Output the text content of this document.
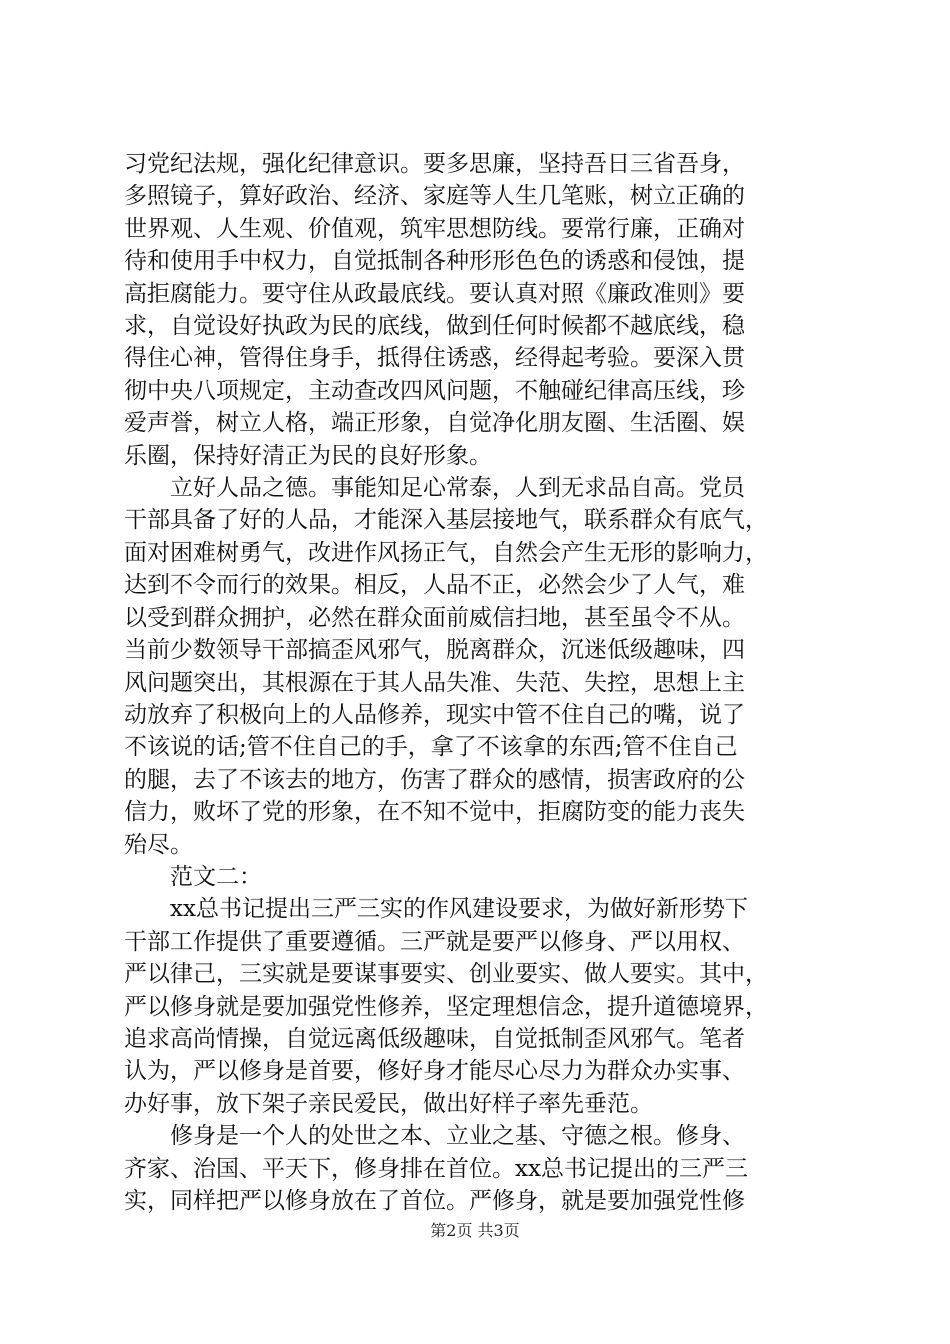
习党纪法规，强化纪律意识。要多思廉，坚持吾日三省吾身，

多照镜子，算好政治、经济、家庭等人生几笔账，树立正确的

世界观、人生观、价值观，筑牢思想防线。要常行廉，正确对

待和使用手中权力，自觉抵制各种形形色色的诱惑和侵蚀，提

高拒腐能力。要守住从政最底线。要认真对照《廉政准则》要

求，自觉设好执政为民的底线，做到任何时候都不越底线，稳

得住心神，管得住身手，抵得住诱惑，经得起考验。要深入贯

彻中央八项规定，主动查改四风问题，不触碰纪律高压线，珍

爱声誉，树立人格，端正形象，自觉净化朋友圈、生活圈、娱

乐圈，保持好清正为民的良好形象。

立好人品之德。事能知足心常泰，人到无求品自高。党员

干部具备了好的人品，才能深入基层接地气，联系群众有底气，

面对困难树勇气，改进作风扬正气，自然会产生无形的影响力，

达到不令而行的效果。相反，人品不正，必然会少了人气，难

以受到群众拥护，必然在群众面前威信扫地，甚至虽令不从。

当前少数领导干部搞歪风邪气，脱离群众，沉迷低级趣味，四

风问题突出，其根源在于其人品失准、失范、失控，思想上主

动放弃了积极向上的人品修养，现实中管不住自己的嘴，说了

不该说的话;管不住自己的手，拿了不该拿的东西;管不住自己

的腿，去了不该去的地方，伤害了群众的感情，损害政府的公

信力，败坏了党的形象，在不知不觉中，拒腐防变的能力丧失

殆尽。

范文二：

xx总书记提出三严三实的作风建设要求，为做好新形势下

干部工作提供了重要遵循。三严就是要严以修身、严以用权、

严以律己，三实就是要谋事要实、创业要实、做人要实。其中，

严以修身就是要加强党性修养，坚定理想信念，提升道德境界，

追求高尚情操，自觉远离低级趣味，自觉抵制歪风邪气。笔者

认为，严以修身是首要，修好身才能尽心尽力为群众办实事、

办好事，放下架子亲民爱民，做出好样子率先垂范。

修身是一个人的处世之本、立业之基、守德之根。修身、

齐家、治国、平天下，修身排在首位。xx总书记提出的三严三

实，同样把严以修身放在了首位。严修身，就是要加强党性修

第2页 共3页
